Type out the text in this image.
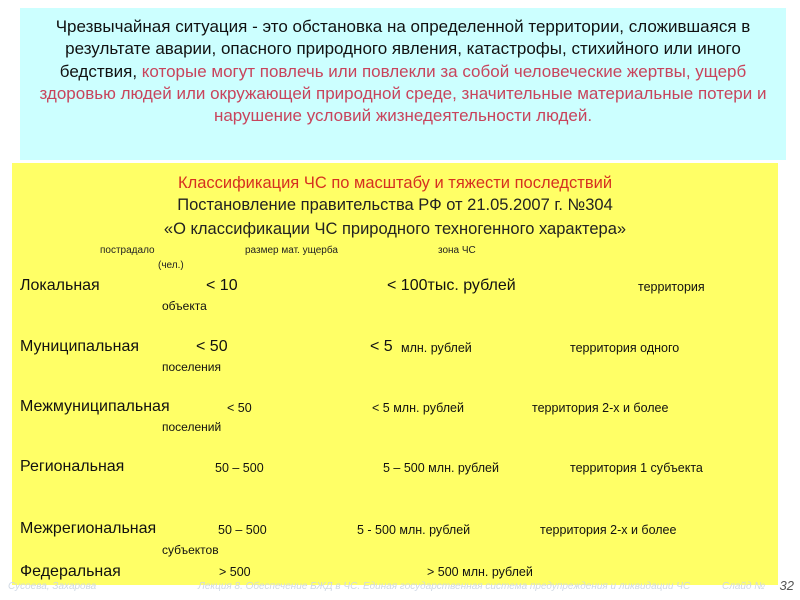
Чрезвычайная ситуация - это обстановка на определенной территории, сложившаяся в результате аварии, опасного природного явления, катастрофы, стихийного или иного бедствия, которые могут повлечь или повлекли за собой человеческие жертвы, ущерб здоровью людей или окружающей природной среде, значительные материальные потери и нарушение условий жизнедеятельности людей.
Классификация ЧС по масштабу и тяжести последствий
Постановление правительства РФ от 21.05.2007 г. №304
«О классификации ЧС природного техногенного характера»
пострадало	размер мат. ущерба	зона ЧС
(чел.)
Локальная	< 10	< 100тыс. рублей	территория
объекта
Муниципальная	< 50	< 5 млн. рублей	территория одного
поселения
Межмуниципальная	< 50	< 5 млн. рублей	территория 2-х и более
поселений
Региональная	50 – 500	5 – 500 млн. рублей	территория 1 субъекта
Межрегиональная	50 – 500	5 - 500 млн. рублей	территория 2-х и более
субъектов
Федеральная	> 500	> 500 млн. рублей
Сусоева, Захарова	Лекция 8. Обеспечение БЖД в ЧС. Единая государственная система предупреждения и ликвидации ЧС	Слайд № 32
